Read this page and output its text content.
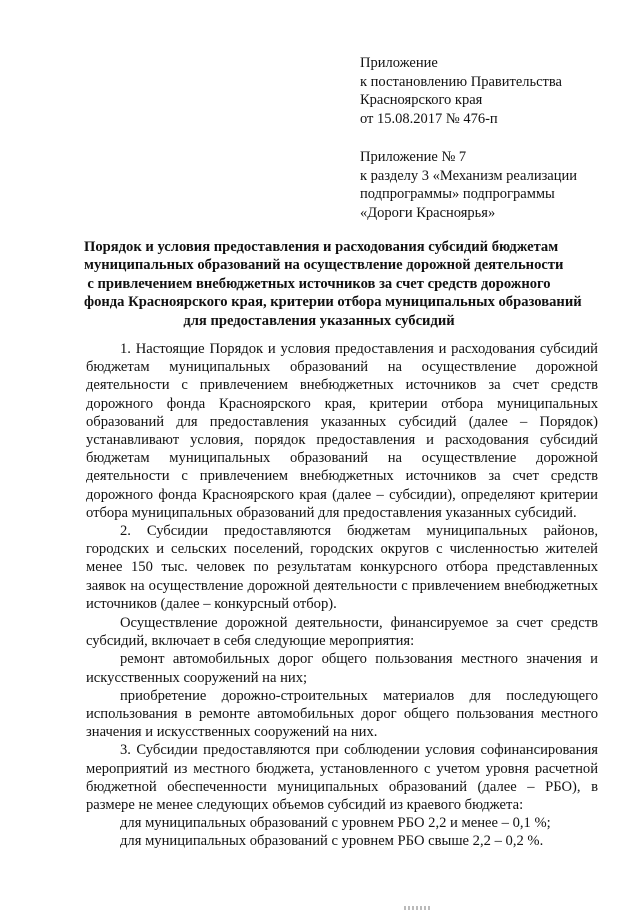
Приложение
к постановлению Правительства
Красноярского края
от 15.08.2017 № 476-п
Приложение № 7
к разделу 3 «Механизм реализации
подпрограммы» подпрограммы
«Дороги Красноярья»
Порядок и условия предоставления и расходования субсидий бюджетам
муниципальных образований на осуществление дорожной деятельности
с привлечением внебюджетных источников за счет средств дорожного
фонда Красноярского края, критерии отбора муниципальных образований
для предоставления указанных субсидий

1. Настоящие Порядок и условия предоставления и расходования субсидий бюджетам муниципальных образований на осуществление дорожной деятельности с привлечением внебюджетных источников за счет средств дорожного фонда Красноярского края, критерии отбора муниципальных образований для предоставления указанных субсидий (далее – Порядок) устанавливают условия, порядок предоставления и расходования субсидий бюджетам муниципальных образований на осуществление дорожной деятельности с привлечением внебюджетных источников за счет средств дорожного фонда Красноярского края (далее – субсидии), определяют критерии отбора муниципальных образований для предоставления указанных субсидий.

2. Субсидии предоставляются бюджетам муниципальных районов, городских и сельских поселений, городских округов с численностью жителей менее 150 тыс. человек по результатам конкурсного отбора представленных заявок на осуществление дорожной деятельности с привлечением внебюджетных источников (далее – конкурсный отбор).

Осуществление дорожной деятельности, финансируемое за счет средств субсидий, включает в себя следующие мероприятия:

ремонт автомобильных дорог общего пользования местного значения и искусственных сооружений на них;

приобретение дорожно-строительных материалов для последующего использования в ремонте автомобильных дорог общего пользования местного значения и искусственных сооружений на них.

3. Субсидии предоставляются при соблюдении условия софинансирования мероприятий из местного бюджета, установленного с учетом уровня расчетной бюджетной обеспеченности муниципальных образований (далее – РБО), в размере не менее следующих объемов субсидий из краевого бюджета:

для муниципальных образований с уровнем РБО 2,2 и менее – 0,1 %;

для муниципальных образований с уровнем РБО свыше 2,2 – 0,2 %.
